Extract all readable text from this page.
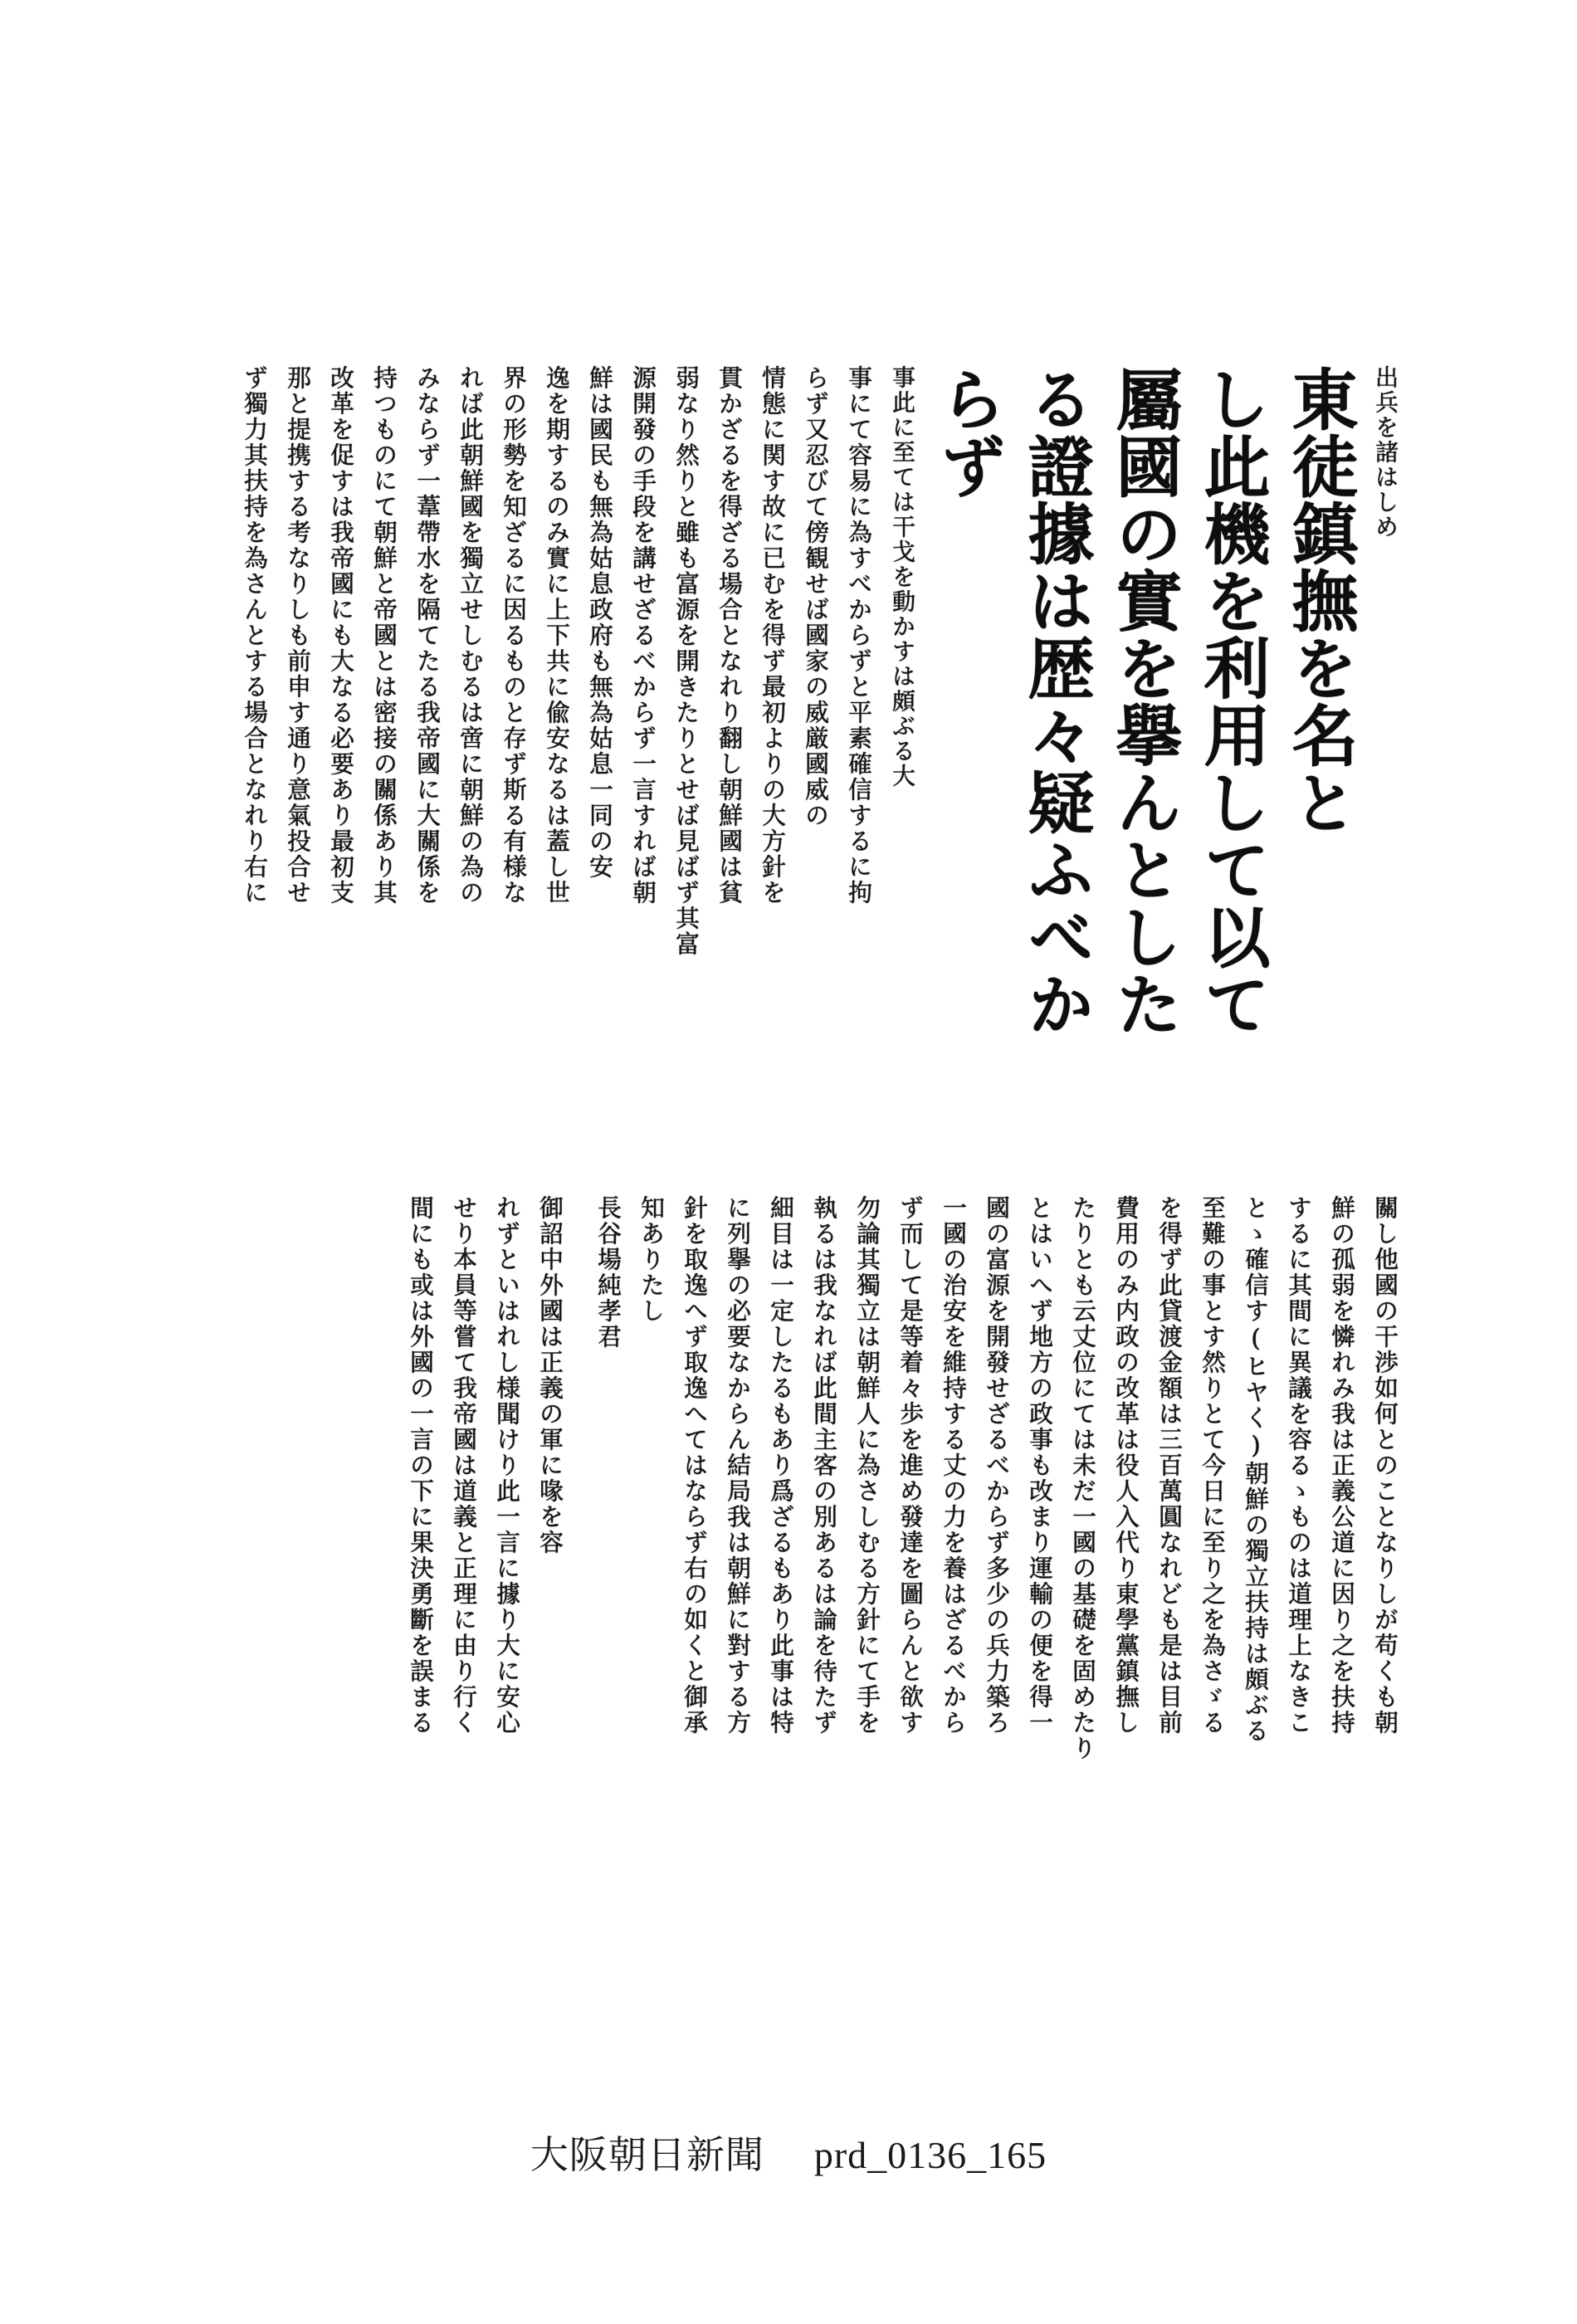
出兵を諸はしめ
東徒鎮撫を名と
し此機を利用して以て
屬國の實を擧んとした
る證據は歴々疑ふべか
らず
事此に至ては干戈を動かすは頗ぶる大
事にて容易に為すべからずと平素確信するに拘
らず又忍びて傍観せば國家の威厳國威の
情態に関す故に已むを得ず最初よりの大方針を
貫かざるを得ざる場合となれり翻し朝鮮國は貧
弱なり然りと雖も富源を開きたりとせば見ばず其富
源開發の手段を講せざるべからず一言すれば朝
鮮は國民も無為姑息政府も無為姑息一同の安
逸を期するのみ實に上下共に偸安なるは蓋し世
界の形勢を知ざるに因るものと存ず斯る有様な
れば此朝鮮國を獨立せしむるは啻に朝鮮の為の
みならず一葦帶水を隔てたる我帝國に大關係を
持つものにて朝鮮と帝國とは密接の關係あり其
改革を促すは我帝國にも大なる必要あり最初支
那と提携する考なりしも前申す通り意氣投合せ
ず獨力其扶持を為さんとする場合となれり右に
關し他國の干渉如何とのことなりしが苟くも朝
鮮の孤弱を憐れみ我は正義公道に因り之を扶持
するに其間に異議を容るゝものは道理上なきこ
とゝ確信す(ヒヤく)朝鮮の獨立扶持は頗ぶる
至難の事とす然りとて今日に至り之を為さゞる
を得ず此貸渡金額は三百萬圓なれども是は目前
費用のみ内政の改革は役人入代り東學黨鎮撫し
たりとも云丈位にては未だ一國の基礎を固めたり
とはいへず地方の政事も改まり運輸の便を得一
國の富源を開發せざるべからず多少の兵力築ろ
一國の治安を維持する丈の力を養はざるべから
ず而して是等着々歩を進め發達を圖らんと欲す
勿論其獨立は朝鮮人に為さしむる方針にて手を
執るは我なれば此間主客の別あるは論を待たず
細目は一定したるもあり爲ざるもあり此事は特
に列擧の必要なからん結局我は朝鮮に對する方
針を取逸へず取逸へてはならず右の如くと御承
知ありたし
長谷場純孝君
御詔中外國は正義の軍に喙を容
れずといはれし様聞けり此一言に據り大に安心
せり本員等嘗て我帝國は道義と正理に由り行く
間にも或は外國の一言の下に果決勇斷を誤まる
大阪朝日新聞 prd_0136_165
